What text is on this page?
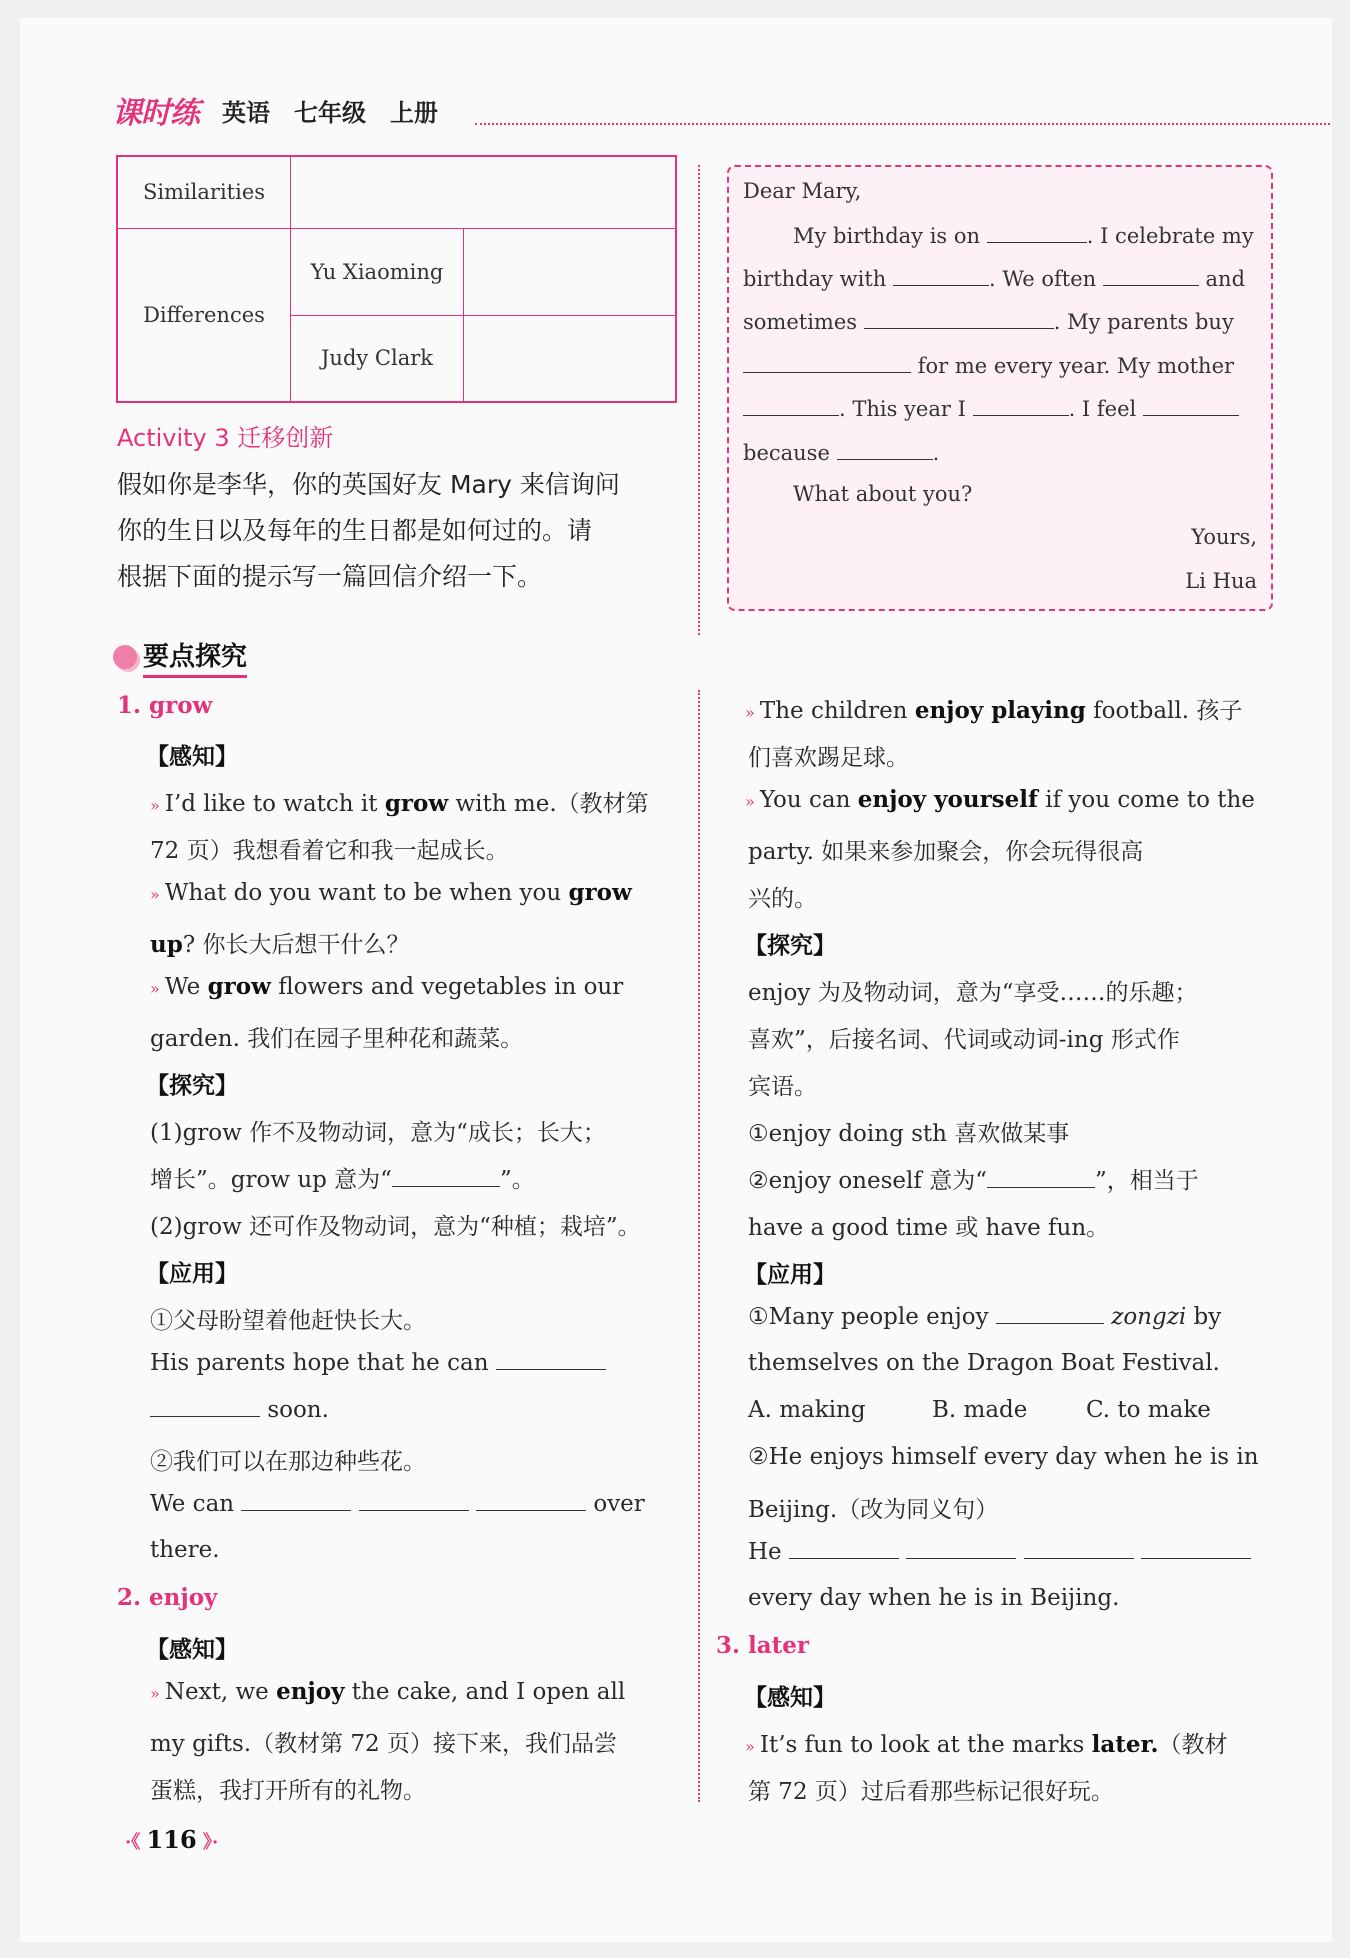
课时练 英语　七年级　上册
Similarities		
Differences	Yu Xiaoming	
	Judy Clark	
Activity 3 迁移创新
假如你是李华，你的英国好友 Mary 来信询问
你的生日以及每年的生日都是如何过的。请
根据下面的提示写一篇回信介绍一下。
Dear Mary,
My birthday is on	. I celebrate my
birthday with	. We often	and
sometimes	. My parents buy
for me every year. My mother
. This year I	. I feel
because	.
What about you?
Yours,
Li Hua
要点探究
1. grow
【感知】
» I’d like to watch it grow with me.（教材第
72 页）我想看着它和我一起成长。
» What do you want to be when you grow
up? 你长大后想干什么？
» We grow flowers and vegetables in our
garden. 我们在园子里种花和蔬菜。
【探究】
(1)grow 作不及物动词，意为“成长；长大；
增长”。grow up 意为“	”。
(2)grow 还可作及物动词，意为“种植；栽培”。
【应用】
①父母盼望着他赶快长大。
His parents hope that he can
soon.
②我们可以在那边种些花。
We can	over
there.
2. enjoy
【感知】
» Next, we enjoy the cake, and I open all
my gifts.（教材第 72 页）接下来，我们品尝
蛋糕，我打开所有的礼物。
» The children enjoy playing football. 孩子
们喜欢踢足球。
» You can enjoy yourself if you come to the
party. 如果来参加聚会，你会玩得很高
兴的。
【探究】
enjoy 为及物动词，意为“享受……的乐趣；
喜欢”，后接名词、代词或动词-ing 形式作
宾语。
①enjoy doing sth 喜欢做某事
②enjoy oneself 意为“	”，相当于
have a good time 或 have fun。
【应用】
①Many people enjoy	zongzi by
themselves on the Dragon Boat Festival.
A. making	B. made	C. to make
②He enjoys himself every day when he is in
Beijing.（改为同义句）
He
every day when he is in Beijing.
3. later
【感知】
» It’s fun to look at the marks later.（教材
第 72 页）过后看那些标记很好玩。
·《 116 》·
